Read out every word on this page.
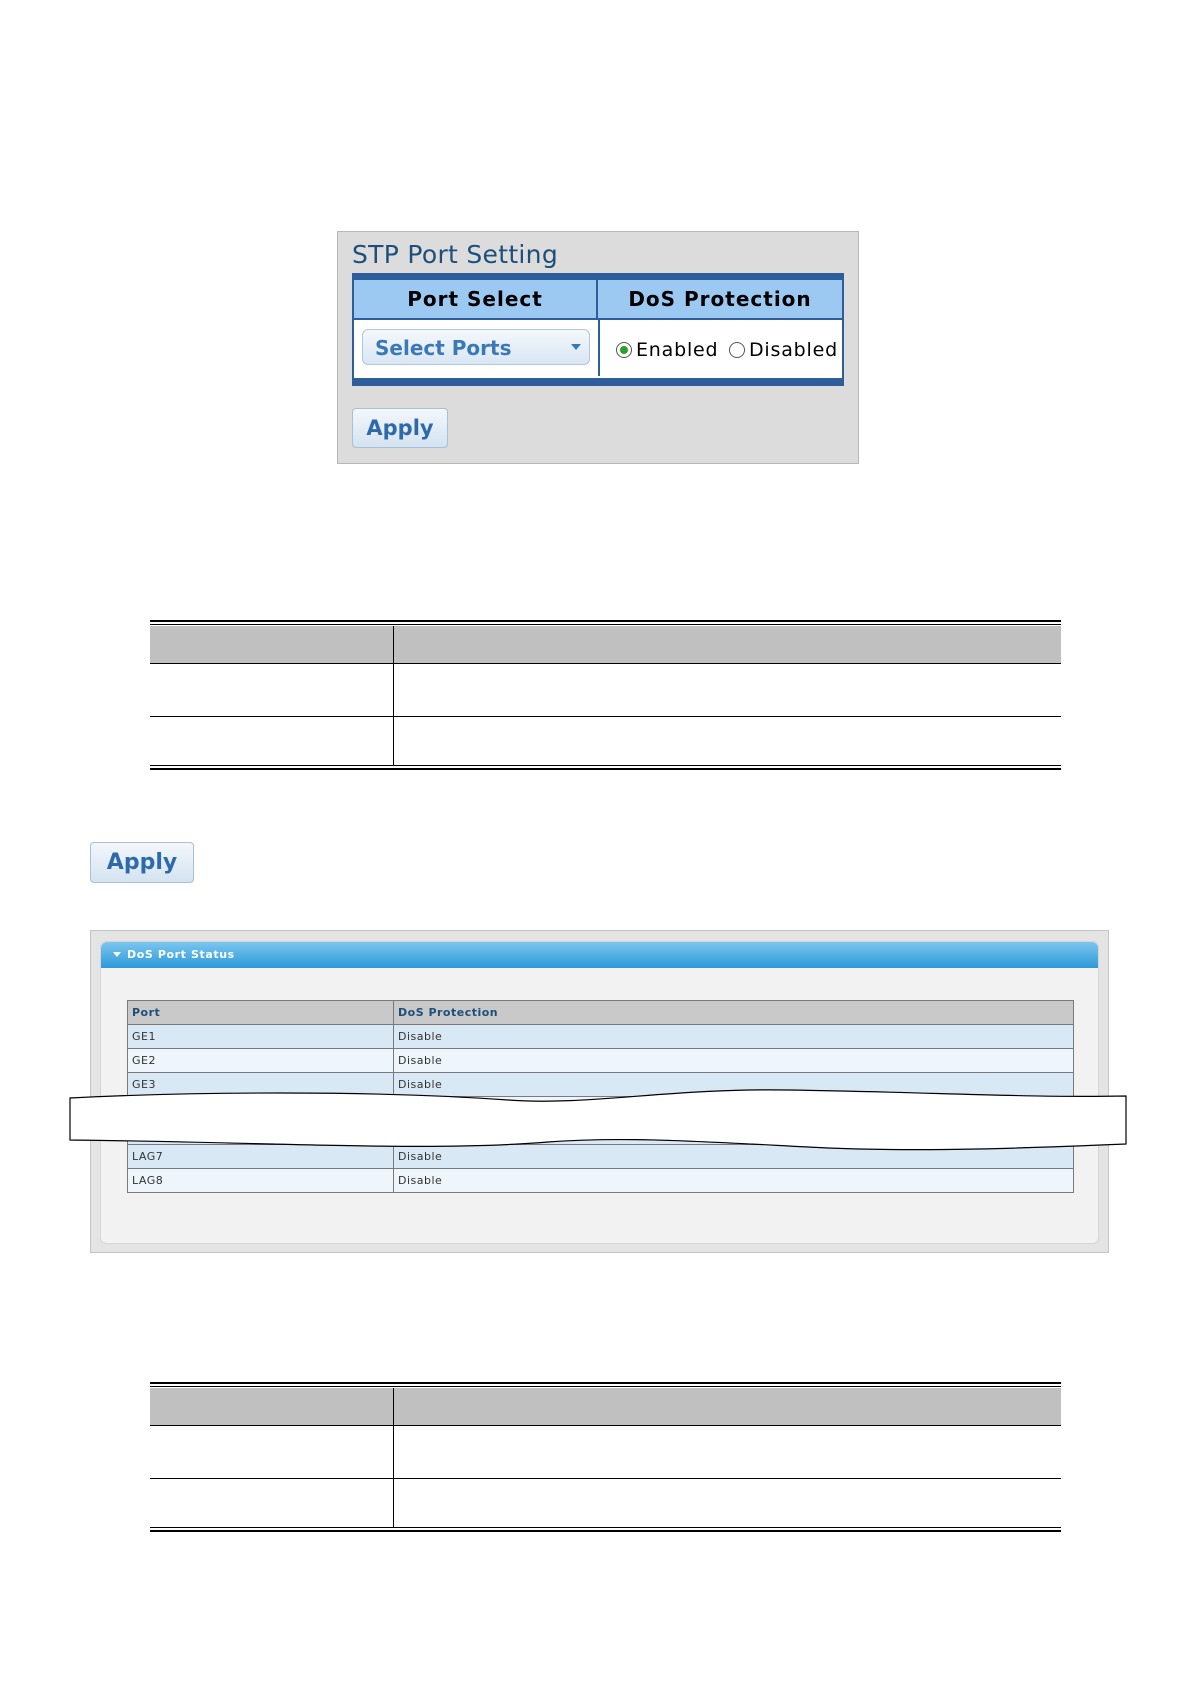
STP Port Setting
Port Select	DoS Protection
Select Ports	Enabled Disabled
Apply
Apply
DoS Port Status
Port	DoS Protection
GE1	Disable
GE2	Disable
GE3	Disable

LAG7	Disable
LAG8	Disable
